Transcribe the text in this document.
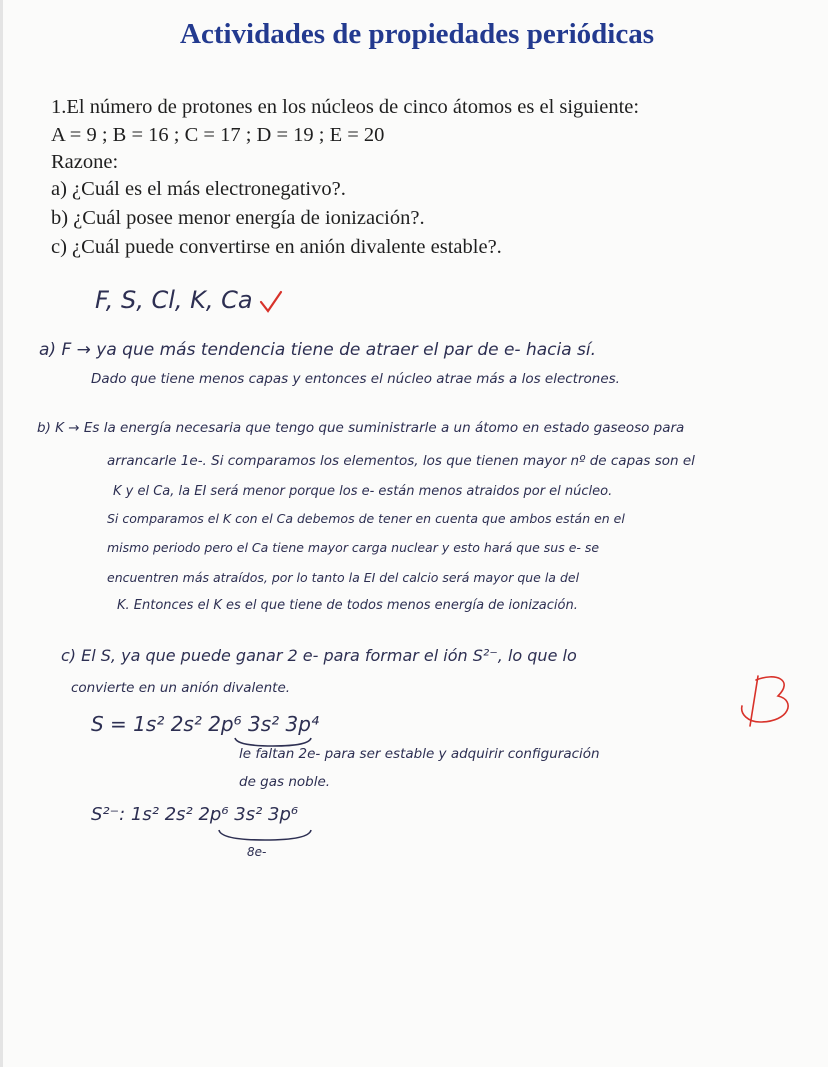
Actividades de propiedades periódicas
1.El número de protones en los núcleos de cinco átomos es el siguiente:
A = 9 ; B = 16 ; C = 17 ; D = 19 ; E = 20
Razone:
a) ¿Cuál es el más electronegativo?.
b) ¿Cuál posee menor energía de ionización?.
c) ¿Cuál puede convertirse en anión divalente estable?.
F, S, Cl, K, Ca
a) F → ya que más tendencia tiene de atraer el par de e- hacia sí.
Dado que tiene menos capas y entonces el núcleo atrae más a los electrones.
b) K → Es la energía necesaria que tengo que suministrarle a un átomo en estado gaseoso para
arrancarle 1e-. Si comparamos los elementos, los que tienen mayor nº de capas son el
K y el Ca, la EI será menor porque los e- están menos atraidos por el núcleo.
Si comparamos el K con el Ca debemos de tener en cuenta que ambos están en el
mismo periodo pero el Ca tiene mayor carga nuclear y esto hará que sus e- se
encuentren más atraídos, por lo tanto la EI del calcio será mayor que la del
K. Entonces el K es el que tiene de todos menos energía de ionización.
c) El S, ya que puede ganar 2 e- para formar el ión S²⁻, lo que lo
convierte en un anión divalente.
S = 1s² 2s² 2p⁶ 3s² 3p⁴
le faltan 2e- para ser estable y adquirir configuración
de gas noble.
S²⁻: 1s² 2s² 2p⁶ 3s² 3p⁶
8e-
